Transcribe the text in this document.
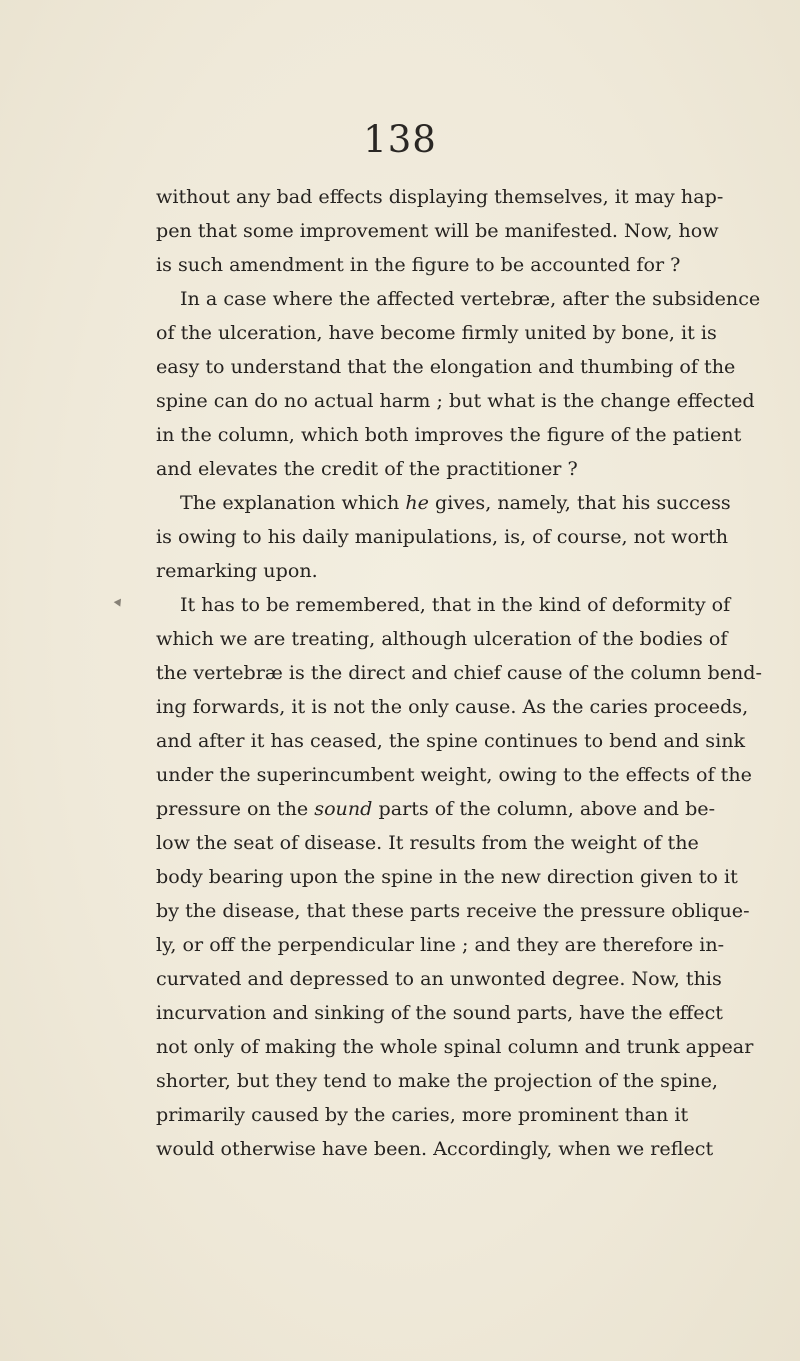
138
without any bad effects displaying themselves, it may hap-
pen that some improvement will be manifested. Now, how
is such amendment in the figure to be accounted for ?
In a case where the affected vertebræ, after the subsidence
of the ulceration, have become firmly united by bone, it is
easy to understand that the elongation and thumbing of the
spine can do no actual harm ; but what is the change effected
in the column, which both improves the figure of the patient
and elevates the credit of the practitioner ?
The explanation which he gives, namely, that his success
is owing to his daily manipulations, is, of course, not worth
remarking upon.
It has to be remembered, that in the kind of deformity of
which we are treating, although ulceration of the bodies of
the vertebræ is the direct and chief cause of the column bend-
ing forwards, it is not the only cause. As the caries proceeds,
and after it has ceased, the spine continues to bend and sink
under the superincumbent weight, owing to the effects of the
pressure on the sound parts of the column, above and be-
low the seat of disease. It results from the weight of the
body bearing upon the spine in the new direction given to it
by the disease, that these parts receive the pressure oblique-
ly, or off the perpendicular line ; and they are therefore in-
curvated and depressed to an unwonted degree. Now, this
incurvation and sinking of the sound parts, have the effect
not only of making the whole spinal column and trunk appear
shorter, but they tend to make the projection of the spine,
primarily caused by the caries, more prominent than it
would otherwise have been. Accordingly, when we reflect
